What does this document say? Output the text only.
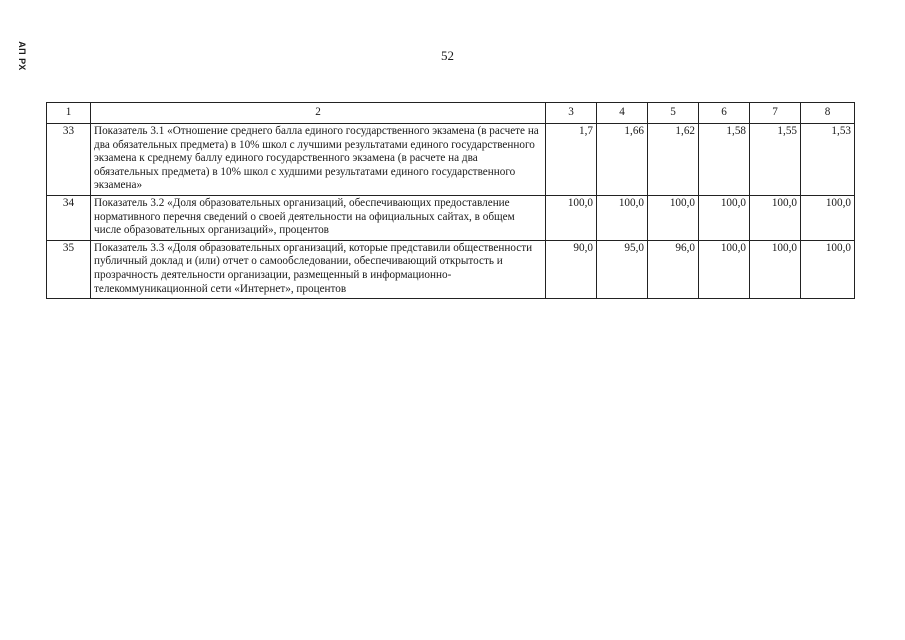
АП РХ	52
1	2	3	4	5	6	7	8
33	Показатель 3.1 «Отношение среднего балла единого государственного экзамена (в расчете на два обязательных предмета) в 10% школ с лучшими результатами единого государственного экзамена к среднему баллу единого государственного экзамена (в расчете на два обязательных предмета) в 10% школ с худшими результатами единого государственного экзамена»	1,7	1,66	1,62	1,58	1,55	1,53
34	Показатель 3.2 «Доля образовательных организаций, обеспечивающих предоставление нормативного перечня сведений о своей деятельности на официальных сайтах, в общем числе образовательных организаций», процентов	100,0	100,0	100,0	100,0	100,0	100,0
35	Показатель 3.3 «Доля образовательных организаций, которые представили общественности публичный доклад и (или) отчет о самообследовании, обеспечивающий открытость и прозрачность деятельности организации, размещенный в информационно-телекоммуникационной сети «Интернет», процентов	90,0	95,0	96,0	100,0	100,0	100,0
